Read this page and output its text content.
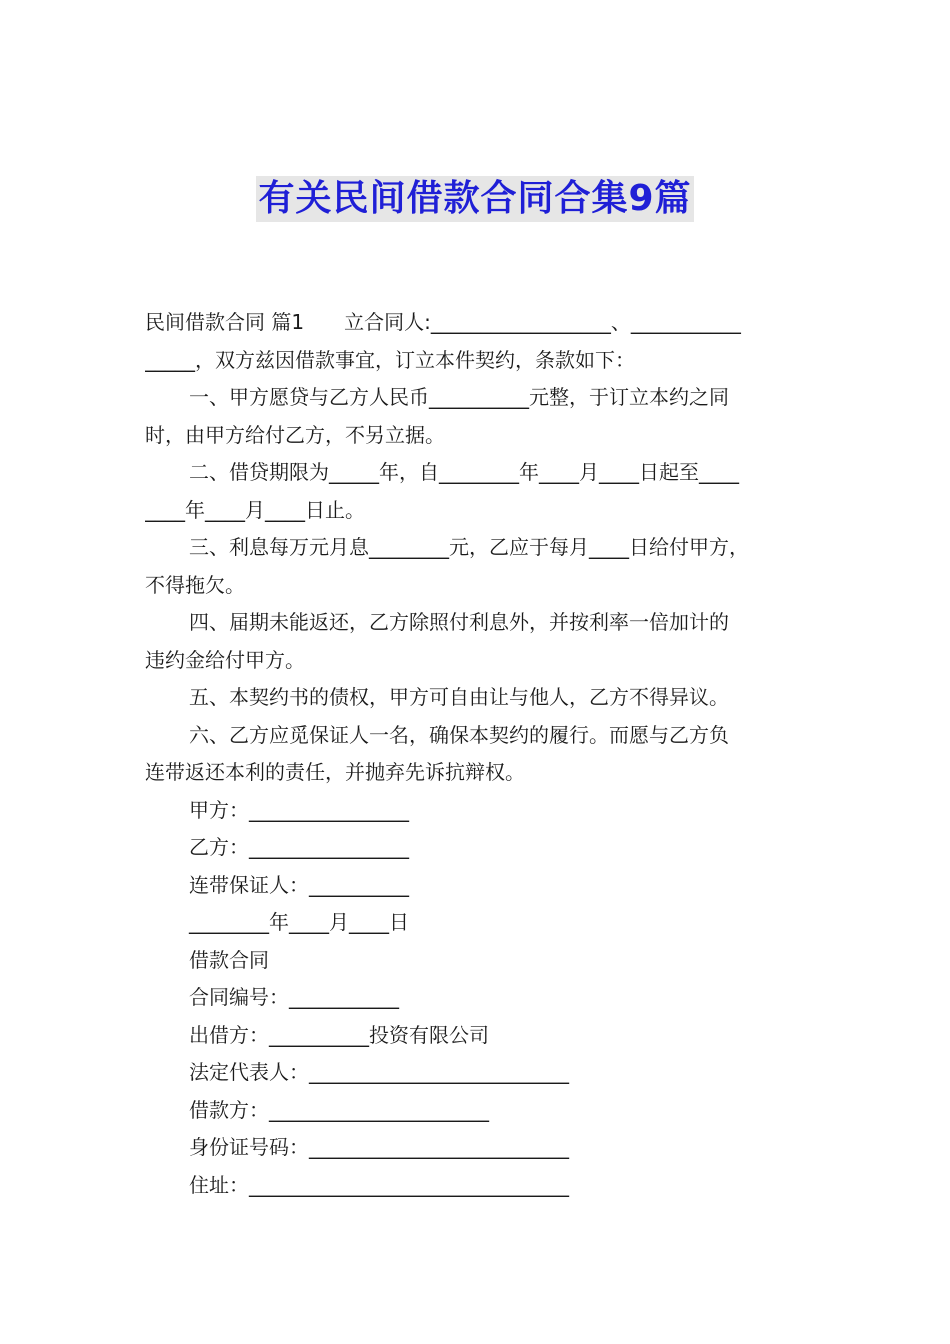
有关民间借款合同合集9篇
民间借款合同 篇1　　立合同人:__________________、___________
_____，双方兹因借款事宜，订立本件契约，条款如下：
一、甲方愿贷与乙方人民币__________元整，于订立本约之同
时，由甲方给付乙方，不另立据。
二、借贷期限为_____年，自________年____月____日起至____
____年____月____日止。
三、利息每万元月息________元，乙应于每月____日给付甲方，
不得拖欠。
四、届期未能返还，乙方除照付利息外，并按利率一倍加计的
违约金给付甲方。
五、本契约书的债权，甲方可自由让与他人，乙方不得异议。
六、乙方应觅保证人一名，确保本契约的履行。而愿与乙方负
连带返还本利的责任，并抛弃先诉抗辩权。
甲方：________________
乙方：________________
连带保证人：__________
________年____月____日
借款合同
合同编号：___________
出借方：__________投资有限公司
法定代表人：__________________________
借款方：______________________
身份证号码：__________________________
住址：________________________________
